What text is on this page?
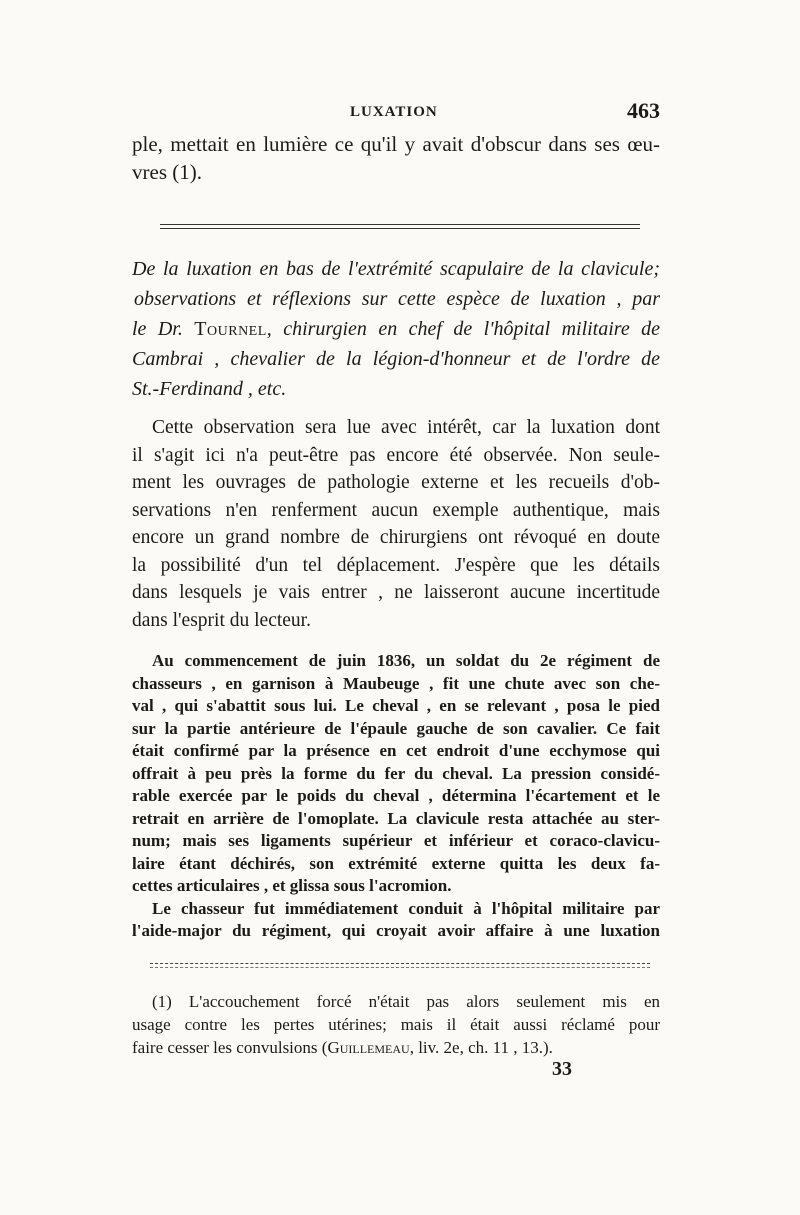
LUXATION	463
ple, mettait en lumière ce qu'il y avait d'obscur dans ses œu-
vres (1).
De la luxation en bas de l'extrémité scapulaire de la clavicule;
observations et réflexions sur cette espèce de luxation , par
le Dr. Tournel, chirurgien en chef de l'hôpital militaire de
Cambrai , chevalier de la légion-d'honneur et de l'ordre de
St.-Ferdinand , etc.
Cette observation sera lue avec intérêt, car la luxation dont
il s'agit ici n'a peut-être pas encore été observée. Non seule-
ment les ouvrages de pathologie externe et les recueils d'ob-
servations n'en renferment aucun exemple authentique, mais
encore un grand nombre de chirurgiens ont révoqué en doute
la possibilité d'un tel déplacement. J'espère que les détails
dans lesquels je vais entrer , ne laisseront aucune incertitude
dans l'esprit du lecteur.
Au commencement de juin 1836, un soldat du 2e régiment de
chasseurs , en garnison à Maubeuge , fit une chute avec son che-
val , qui s'abattit sous lui. Le cheval , en se relevant , posa le pied
sur la partie antérieure de l'épaule gauche de son cavalier. Ce fait
était confirmé par la présence en cet endroit d'une ecchymose qui
offrait à peu près la forme du fer du cheval. La pression considé-
rable exercée par le poids du cheval , détermina l'écartement et le
retrait en arrière de l'omoplate. La clavicule resta attachée au ster-
num; mais ses ligaments supérieur et inférieur et coraco-clavicu-
laire étant déchirés, son extrémité externe quitta les deux fa-
cettes articulaires , et glissa sous l'acromion.
Le chasseur fut immédiatement conduit à l'hôpital militaire par
l'aide-major du régiment, qui croyait avoir affaire à une luxation
(1) L'accouchement forcé n'était pas alors seulement mis en
usage contre les pertes utérines; mais il était aussi réclamé pour
faire cesser les convulsions (Guillemeau, liv. 2e, ch. 11 , 13.).
33
